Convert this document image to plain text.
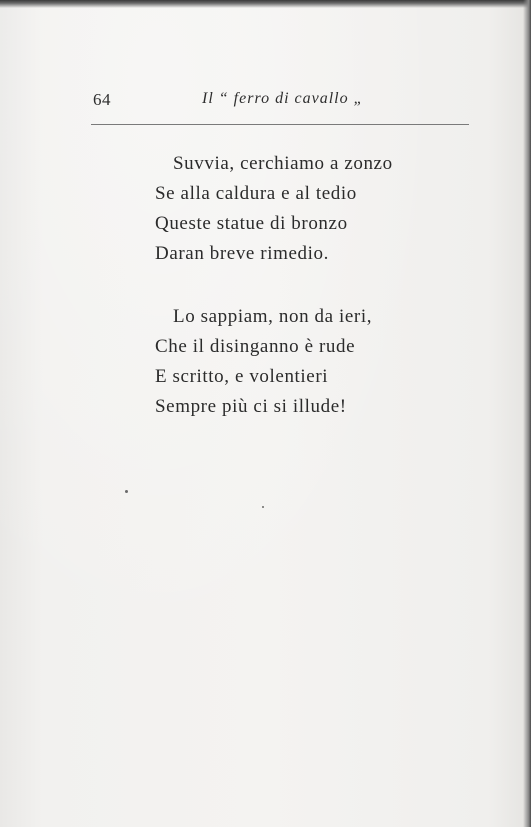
64	Il “ ferro di cavallo „
Suvvia, cerchiamo a zonzo
Se alla caldura e al tedio
Queste statue di bronzo
Daran breve rimedio.
Lo sappiam, non da ieri,
Che il disinganno è rude
E scritto, e volentieri
Sempre più ci si illude!
